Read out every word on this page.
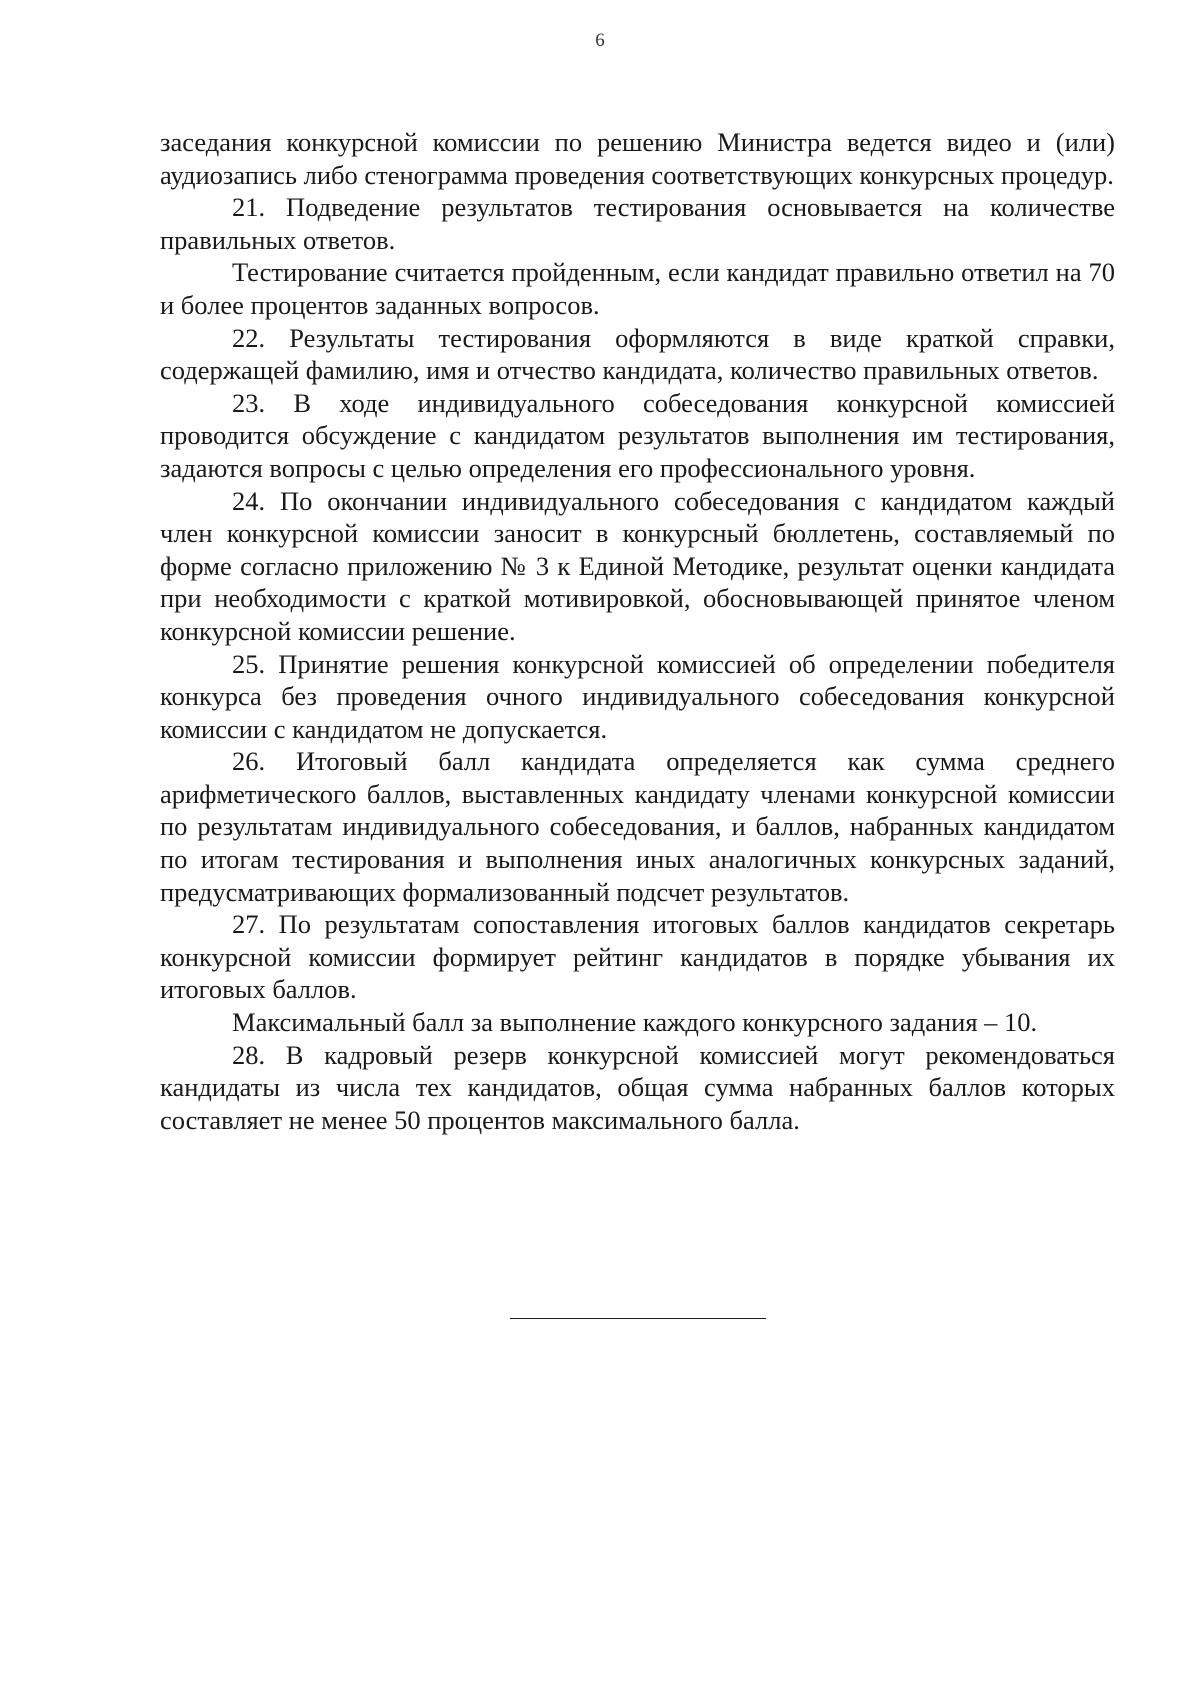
6

заседания конкурсной комиссии по решению Министра ведется видео и (или) аудиозапись либо стенограмма проведения соответствующих конкурсных процедур.

21. Подведение результатов тестирования основывается на количестве правильных ответов.

Тестирование считается пройденным, если кандидат правильно ответил на 70 и более процентов заданных вопросов.

22. Результаты тестирования оформляются в виде краткой справки, содержащей фамилию, имя и отчество кандидата, количество правильных ответов.

23. В ходе индивидуального собеседования конкурсной комиссией проводится обсуждение с кандидатом результатов выполнения им тестирования, задаются вопросы с целью определения его профессионального уровня.

24. По окончании индивидуального собеседования с кандидатом каждый член конкурсной комиссии заносит в конкурсный бюллетень, составляемый по форме согласно приложению № 3 к Единой Методике, результат оценки кандидата при необходимости с краткой мотивировкой, обосновывающей принятое членом конкурсной комиссии решение.

25. Принятие решения конкурсной комиссией об определении победителя конкурса без проведения очного индивидуального собеседования конкурсной комиссии с кандидатом не допускается.

26. Итоговый балл кандидата определяется как сумма среднего арифметического баллов, выставленных кандидату членами конкурсной комиссии по результатам индивидуального собеседования, и баллов, набранных кандидатом по итогам тестирования и выполнения иных аналогичных конкурсных заданий, предусматривающих формализованный подсчет результатов.

27. По результатам сопоставления итоговых баллов кандидатов секретарь конкурсной комиссии формирует рейтинг кандидатов в порядке убывания их итоговых баллов.

Максимальный балл за выполнение каждого конкурсного задания – 10.

28. В кадровый резерв конкурсной комиссией могут рекомендоваться кандидаты из числа тех кандидатов, общая сумма набранных баллов которых составляет не менее 50 процентов максимального балла.
